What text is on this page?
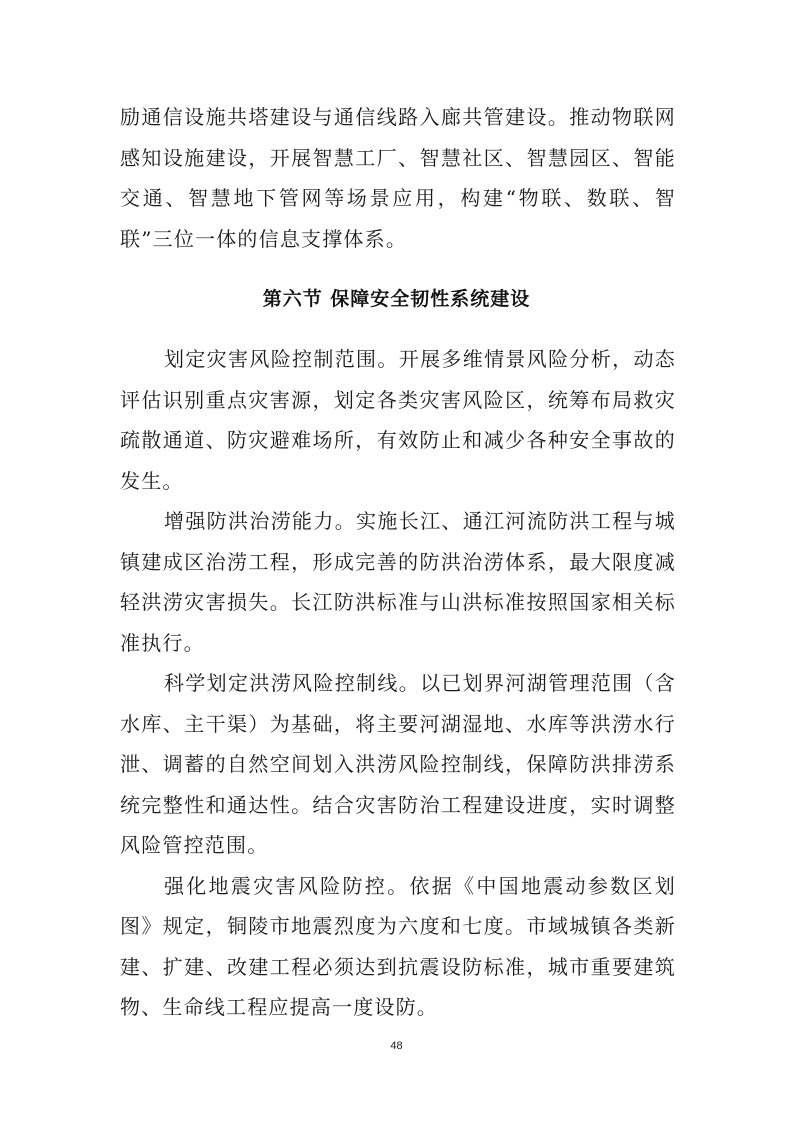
励通信设施共塔建设与通信线路入廊共管建设。推动物联网感知设施建设，开展智慧工厂、智慧社区、智慧园区、智能交通、智慧地下管网等场景应用，构建“物联、数联、智联”三位一体的信息支撑体系。

第六节 保障安全韧性系统建设

划定灾害风险控制范围。开展多维情景风险分析，动态评估识别重点灾害源，划定各类灾害风险区，统筹布局救灾疏散通道、防灾避难场所，有效防止和减少各种安全事故的发生。

增强防洪治涝能力。实施长江、通江河流防洪工程与城镇建成区治涝工程，形成完善的防洪治涝体系，最大限度减轻洪涝灾害损失。长江防洪标准与山洪标准按照国家相关标准执行。

科学划定洪涝风险控制线。以已划界河湖管理范围（含水库、主干渠）为基础，将主要河湖湿地、水库等洪涝水行泄、调蓄的自然空间划入洪涝风险控制线，保障防洪排涝系统完整性和通达性。结合灾害防治工程建设进度，实时调整风险管控范围。

强化地震灾害风险防控。依据《中国地震动参数区划图》规定，铜陵市地震烈度为六度和七度。市域城镇各类新建、扩建、改建工程必须达到抗震设防标准，城市重要建筑物、生命线工程应提高一度设防。

48
